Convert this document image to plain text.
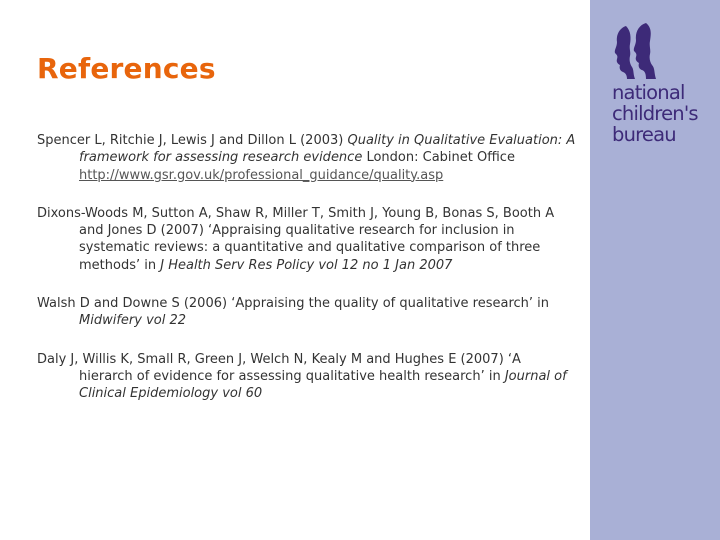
national
children's
bureau
References

Spencer L, Ritchie J, Lewis J and Dillon L (2003) Quality in Qualitative Evaluation: A framework for assessing research evidence London: Cabinet Office http://www.gsr.gov.uk/professional_guidance/quality.asp

Dixons-Woods M, Sutton A, Shaw R, Miller T, Smith J, Young B, Bonas S, Booth A and Jones D (2007) ‘Appraising qualitative research for inclusion in systematic reviews: a quantitative and qualitative comparison of three methods’ in J Health Serv Res Policy vol 12 no 1 Jan 2007

Walsh D and Downe S (2006) ‘Appraising the quality of qualitative research’ in Midwifery vol 22

Daly J, Willis K, Small R, Green J, Welch N, Kealy M and Hughes E (2007) ‘A hierarch of evidence for assessing qualitative health research’ in Journal of Clinical Epidemiology vol 60
